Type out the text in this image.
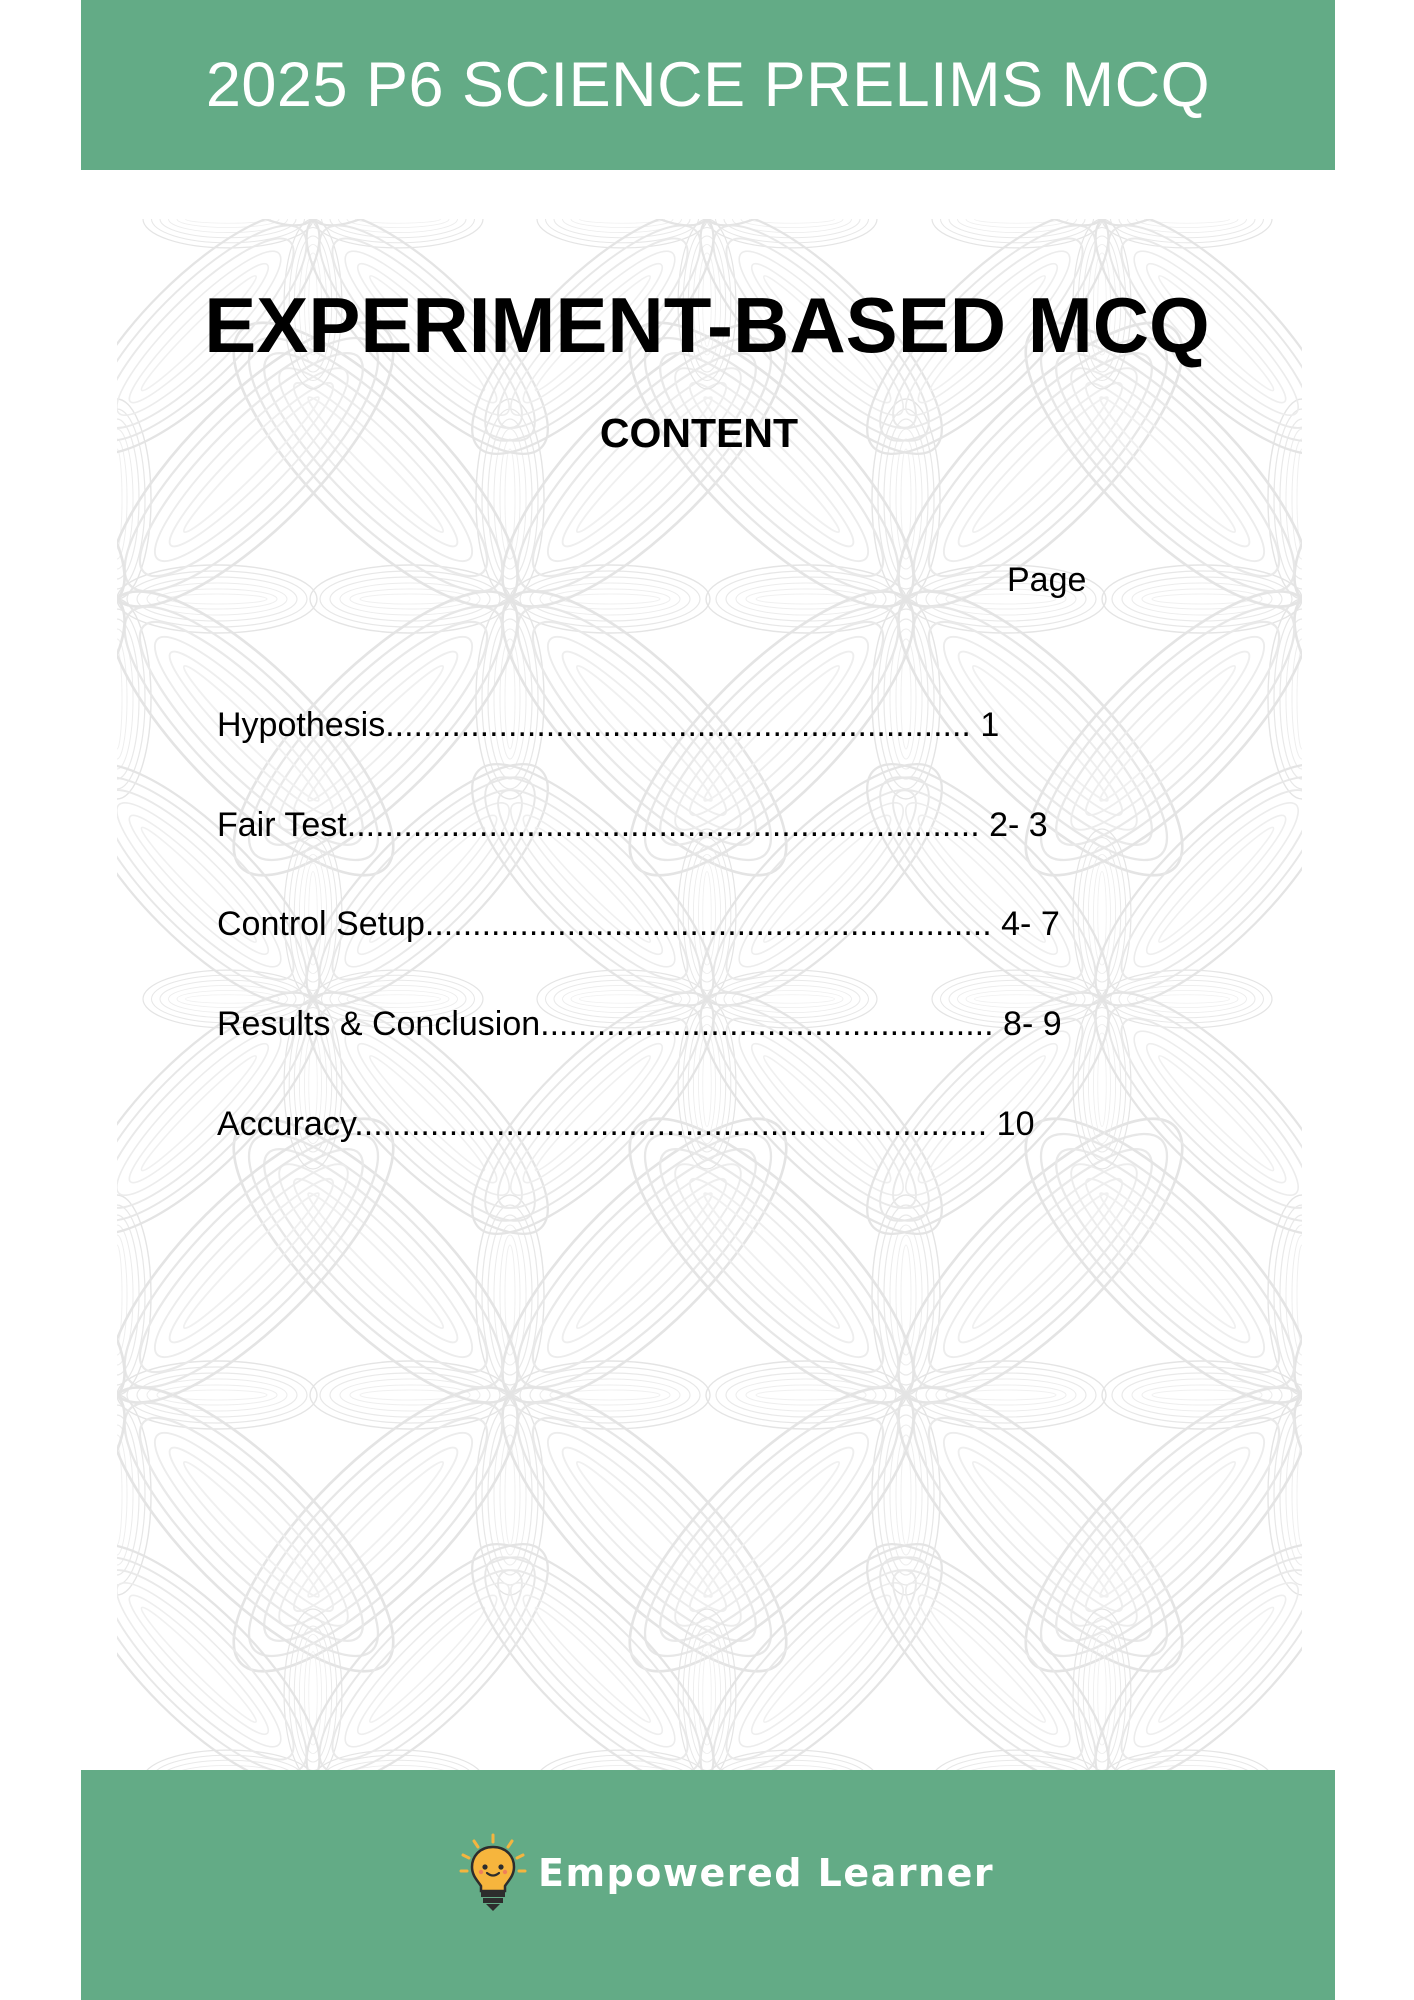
2025 P6 SCIENCE PRELIMS MCQ
EXPERIMENT-BASED MCQ
CONTENT
Page
Hypothesis.............................................................. 1
Fair Test................................................................... 2- 3
Control Setup............................................................ 4- 7
Results & Conclusion................................................ 8- 9
Accuracy................................................................... 10
Empowered Learner
